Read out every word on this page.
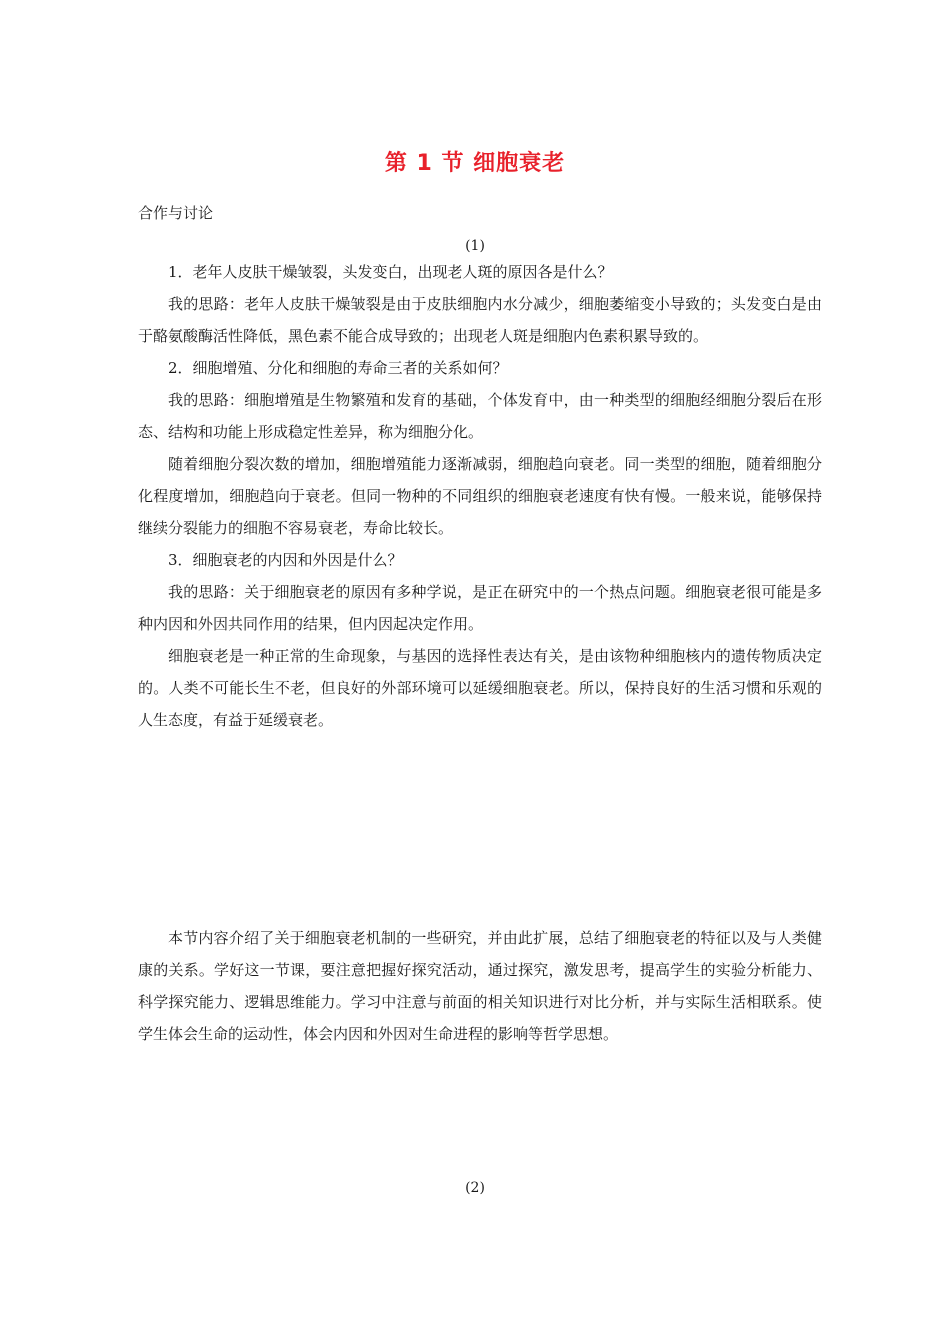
第 1 节 细胞衰老
合作与讨论
(1)

1．老年人皮肤干燥皱裂，头发变白，出现老人斑的原因各是什么？

我的思路：老年人皮肤干燥皱裂是由于皮肤细胞内水分减少，细胞萎缩变小导致的；头发变白是由于酪氨酸酶活性降低，黑色素不能合成导致的；出现老人斑是细胞内色素积累导致的。

2．细胞增殖、分化和细胞的寿命三者的关系如何？

我的思路：细胞增殖是生物繁殖和发育的基础，个体发育中，由一种类型的细胞经细胞分裂后在形态、结构和功能上形成稳定性差异，称为细胞分化。

随着细胞分裂次数的增加，细胞增殖能力逐渐减弱，细胞趋向衰老。同一类型的细胞，随着细胞分化程度增加，细胞趋向于衰老。但同一物种的不同组织的细胞衰老速度有快有慢。一般来说，能够保持继续分裂能力的细胞不容易衰老，寿命比较长。

3．细胞衰老的内因和外因是什么？

我的思路：关于细胞衰老的原因有多种学说，是正在研究中的一个热点问题。细胞衰老很可能是多种内因和外因共同作用的结果，但内因起决定作用。

细胞衰老是一种正常的生命现象，与基因的选择性表达有关，是由该物种细胞核内的遗传物质决定的。人类不可能长生不老，但良好的外部环境可以延缓细胞衰老。所以，保持良好的生活习惯和乐观的人生态度，有益于延缓衰老。

本节内容介绍了关于细胞衰老机制的一些研究，并由此扩展，总结了细胞衰老的特征以及与人类健康的关系。学好这一节课，要注意把握好探究活动，通过探究，激发思考，提高学生的实验分析能力、科学探究能力、逻辑思维能力。学习中注意与前面的相关知识进行对比分析，并与实际生活相联系。使学生体会生命的运动性，体会内因和外因对生命进程的影响等哲学思想。

(2)
